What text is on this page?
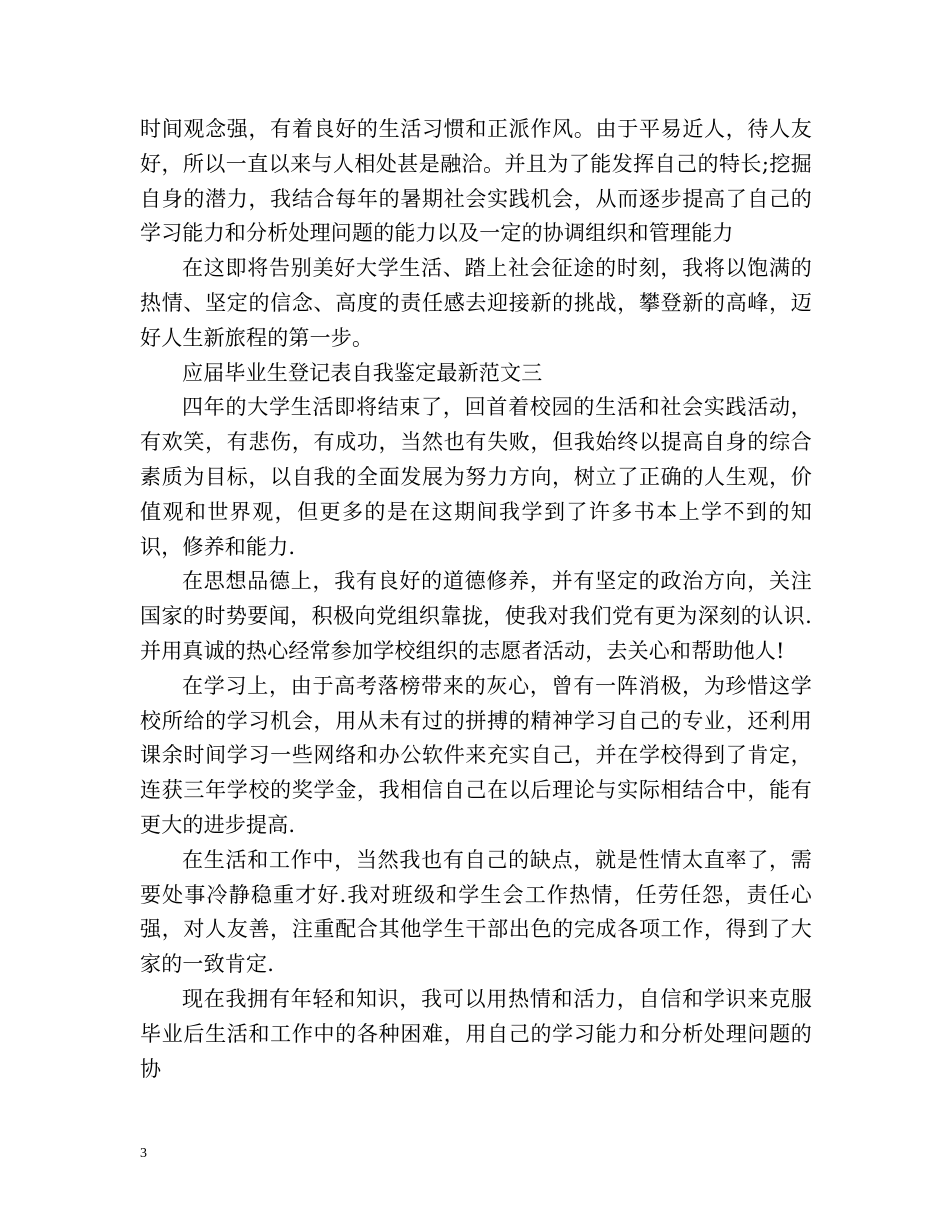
时间观念强，有着良好的生活习惯和正派作风。由于平易近人，待人友好，所以一直以来与人相处甚是融洽。并且为了能发挥自己的特长;挖掘自身的潜力，我结合每年的暑期社会实践机会，从而逐步提高了自己的学习能力和分析处理问题的能力以及一定的协调组织和管理能力

在这即将告别美好大学生活、踏上社会征途的时刻，我将以饱满的热情、坚定的信念、高度的责任感去迎接新的挑战，攀登新的高峰，迈好人生新旅程的第一步。

应届毕业生登记表自我鉴定最新范文三

四年的大学生活即将结束了，回首着校园的生活和社会实践活动，有欢笑，有悲伤，有成功，当然也有失败，但我始终以提高自身的综合素质为目标，以自我的全面发展为努力方向，树立了正确的人生观，价值观和世界观，但更多的是在这期间我学到了许多书本上学不到的知识，修养和能力.

在思想品德上，我有良好的道德修养，并有坚定的政治方向，关注国家的时势要闻，积极向党组织靠拢，使我对我们党有更为深刻的认识.并用真诚的热心经常参加学校组织的志愿者活动，去关心和帮助他人!

在学习上，由于高考落榜带来的灰心，曾有一阵消极，为珍惜这学校所给的学习机会，用从未有过的拼搏的精神学习自己的专业，还利用课余时间学习一些网络和办公软件来充实自己，并在学校得到了肯定，连获三年学校的奖学金，我相信自己在以后理论与实际相结合中，能有更大的进步提高.

在生活和工作中，当然我也有自己的缺点，就是性情太直率了，需要处事冷静稳重才好.我对班级和学生会工作热情，任劳任怨，责任心强，对人友善，注重配合其他学生干部出色的完成各项工作，得到了大家的一致肯定.

现在我拥有年轻和知识，我可以用热情和活力，自信和学识来克服毕业后生活和工作中的各种困难，用自己的学习能力和分析处理问题的协

3
